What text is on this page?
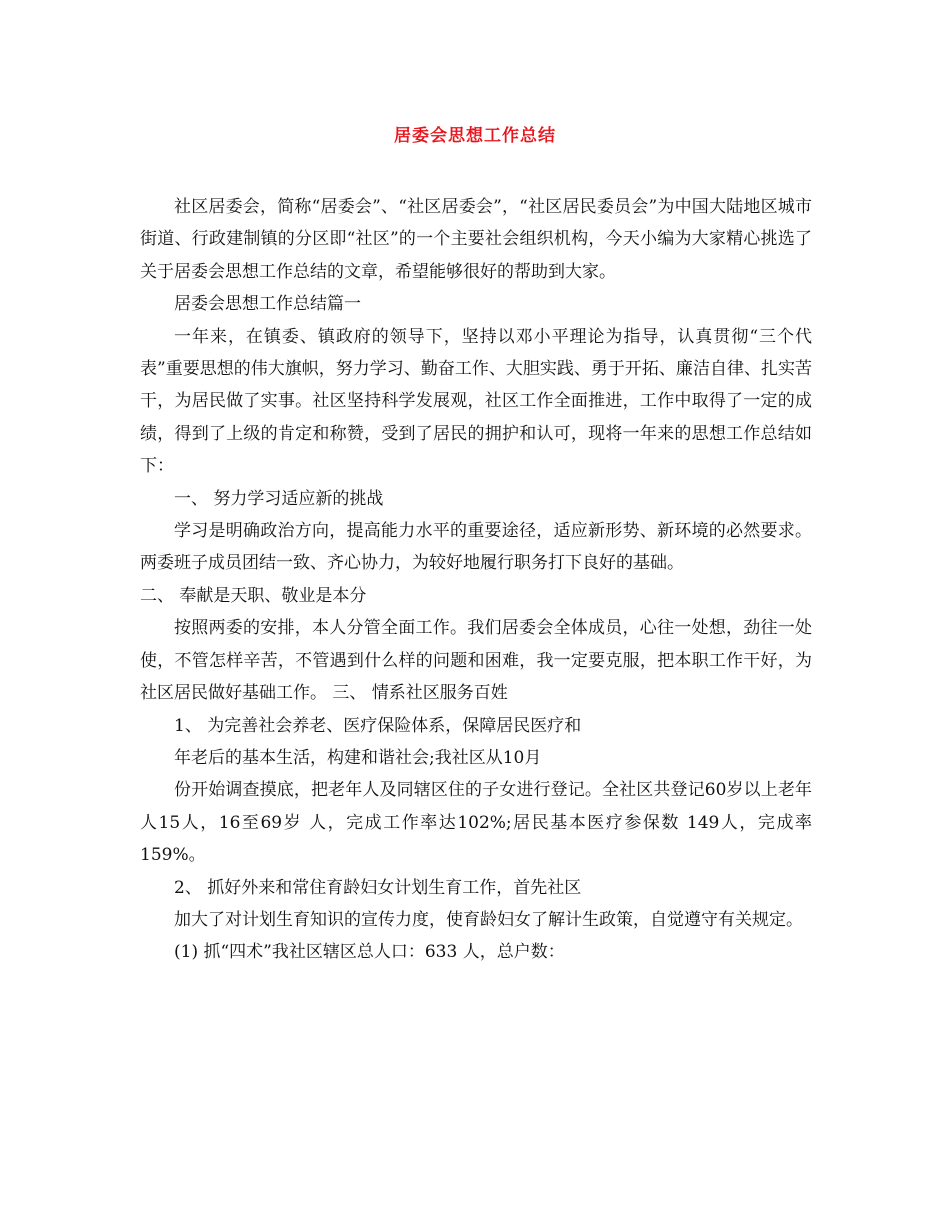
居委会思想工作总结

社区居委会，简称“居委会”、“社区居委会”，“社区居民委员会”为中国大陆地区城市街道、行政建制镇的分区即“社区”的一个主要社会组织机构，今天小编为大家精心挑选了关于居委会思想工作总结的文章，希望能够很好的帮助到大家。

居委会思想工作总结篇一

一年来，在镇委、镇政府的领导下，坚持以邓小平理论为指导，认真贯彻“三个代表”重要思想的伟大旗帜，努力学习、勤奋工作、大胆实践、勇于开拓、廉洁自律、扎实苦干，为居民做了实事。社区坚持科学发展观，社区工作全面推进，工作中取得了一定的成绩，得到了上级的肯定和称赞，受到了居民的拥护和认可，现将一年来的思想工作总结如下：

一、 努力学习适应新的挑战

学习是明确政治方向，提高能力水平的重要途径，适应新形势、新环境的必然要求。两委班子成员团结一致、齐心协力，为较好地履行职务打下良好的基础。

二、 奉献是天职、敬业是本分

按照两委的安排，本人分管全面工作。我们居委会全体成员，心往一处想，劲往一处使，不管怎样辛苦，不管遇到什么样的问题和困难，我一定要克服，把本职工作干好，为社区居民做好基础工作。 三、 情系社区服务百姓

1、 为完善社会养老、医疗保险体系，保障居民医疗和

年老后的基本生活，构建和谐社会;我社区从10月

份开始调查摸底，把老年人及同辖区住的子女进行登记。全社区共登记60岁以上老年人15人，16至69岁 人，完成工作率达102%;居民基本医疗参保数 149人，完成率159%。

2、 抓好外来和常住育龄妇女计划生育工作，首先社区

加大了对计划生育知识的宣传力度，使育龄妇女了解计生政策，自觉遵守有关规定。

(1) 抓“四术”我社区辖区总人口：633 人，总户数：
